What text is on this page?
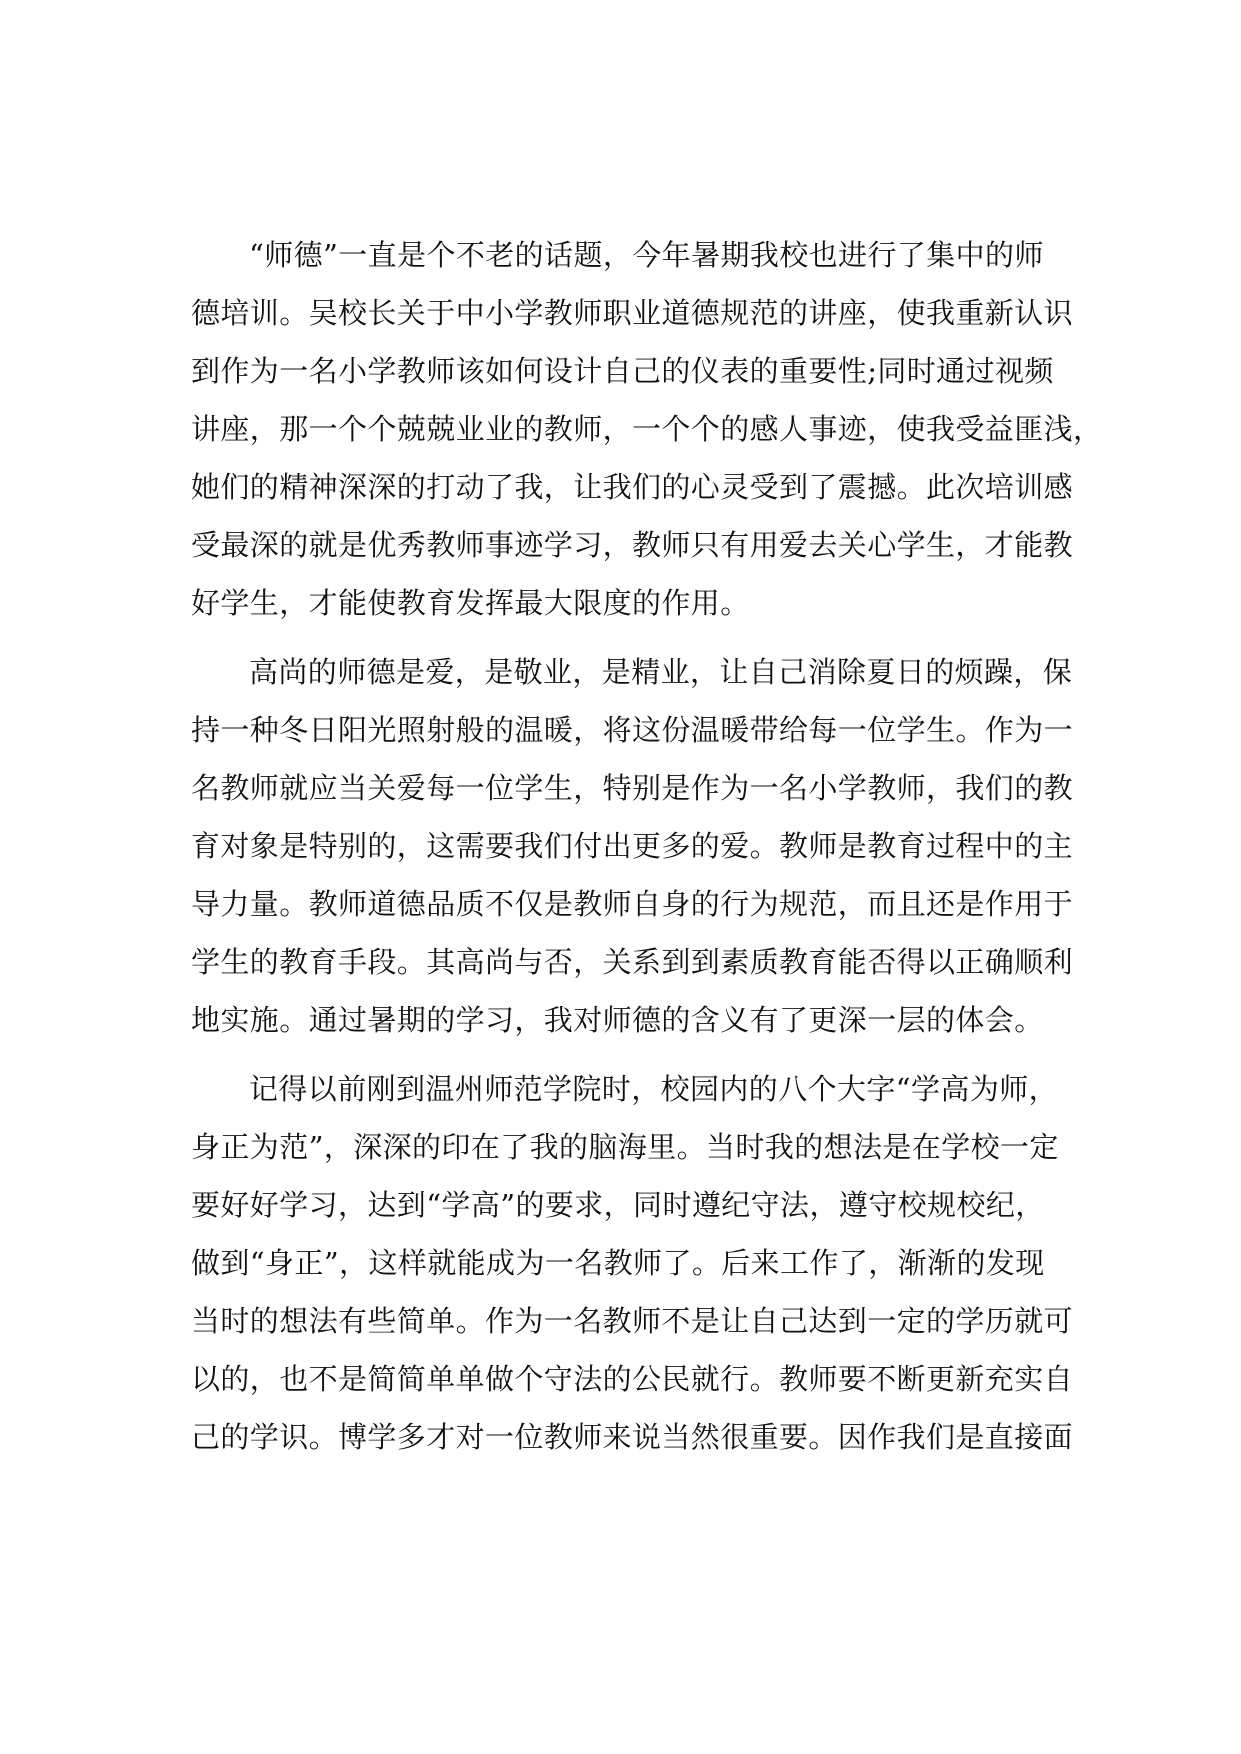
“师德”一直是个不老的话题，今年暑期我校也进行了集中的师
德培训。吴校长关于中小学教师职业道德规范的讲座，使我重新认识
到作为一名小学教师该如何设计自己的仪表的重要性;同时通过视频
讲座，那一个个兢兢业业的教师，一个个的感人事迹，使我受益匪浅，
她们的精神深深的打动了我，让我们的心灵受到了震撼。此次培训感
受最深的就是优秀教师事迹学习，教师只有用爱去关心学生，才能教
好学生，才能使教育发挥最大限度的作用。
高尚的师德是爱，是敬业，是精业，让自己消除夏日的烦躁，保
持一种冬日阳光照射般的温暖，将这份温暖带给每一位学生。作为一
名教师就应当关爱每一位学生，特别是作为一名小学教师，我们的教
育对象是特别的，这需要我们付出更多的爱。教师是教育过程中的主
导力量。教师道德品质不仅是教师自身的行为规范，而且还是作用于
学生的教育手段。其高尚与否，关系到到素质教育能否得以正确顺利
地实施。通过暑期的学习，我对师德的含义有了更深一层的体会。
记得以前刚到温州师范学院时，校园内的八个大字“学高为师，
身正为范”，深深的印在了我的脑海里。当时我的想法是在学校一定
要好好学习，达到“学高”的要求，同时遵纪守法，遵守校规校纪，
做到“身正”，这样就能成为一名教师了。后来工作了，渐渐的发现
当时的想法有些简单。作为一名教师不是让自己达到一定的学历就可
以的，也不是简简单单做个守法的公民就行。教师要不断更新充实自
己的学识。博学多才对一位教师来说当然很重要。因作我们是直接面
